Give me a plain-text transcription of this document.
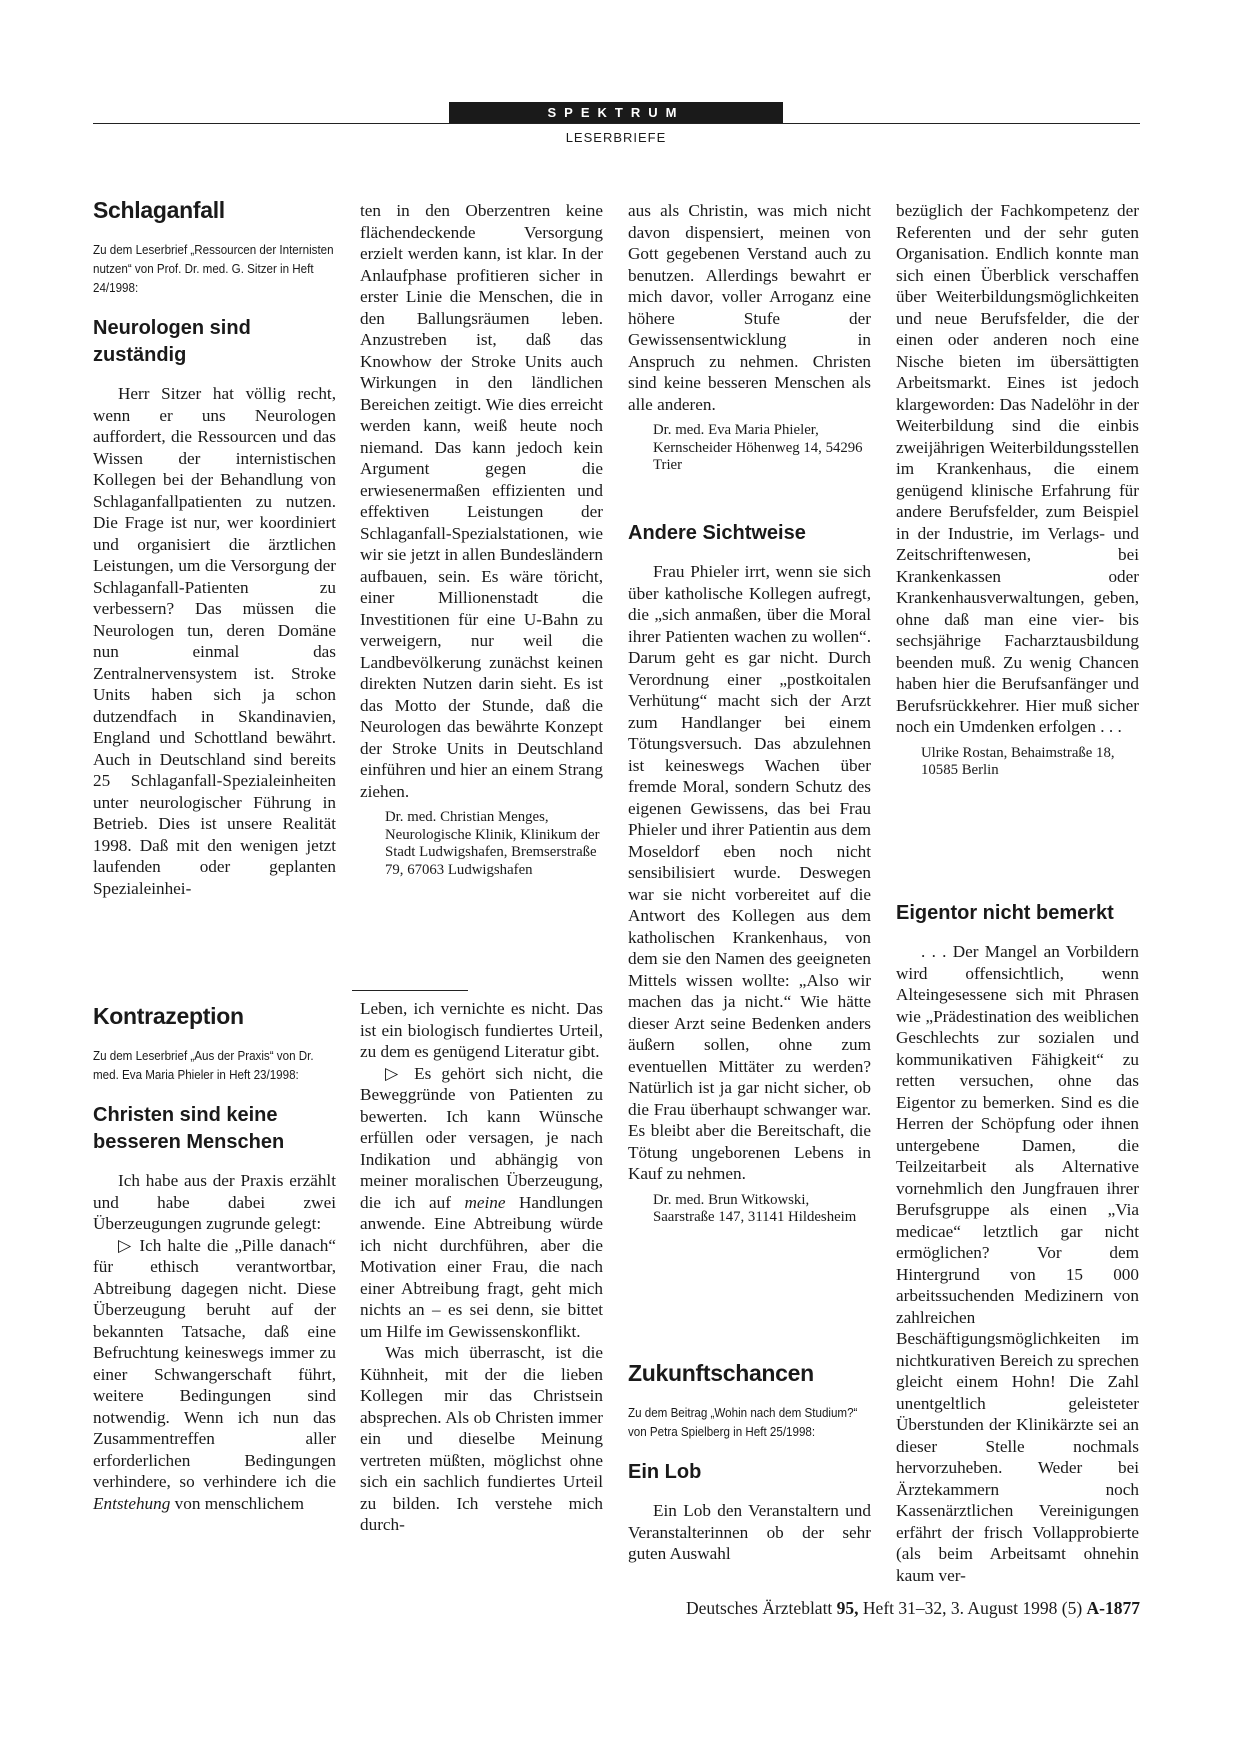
SPEKTRUM
LESERBRIEFE
Schlaganfall

Zu dem Leserbrief „Ressourcen der Internisten nutzen“ von Prof. Dr. med. G. Sitzer in Heft 24/1998:

Neurologen sind zuständig

Herr Sitzer hat völlig recht, wenn er uns Neurologen auffordert, die Ressourcen und das Wissen der internistischen Kollegen bei der Behandlung von Schlaganfallpatienten zu nutzen. Die Frage ist nur, wer koordiniert und organisiert die ärztlichen Leistungen, um die Versorgung der Schlaganfall-Patienten zu verbessern? Das müssen die Neurologen tun, deren Domäne nun einmal das Zentralnervensystem ist. Stroke Units haben sich ja schon dutzendfach in Skandinavien, England und Schottland bewährt. Auch in Deutschland sind bereits 25 Schlaganfall-Spezialeinheiten unter neurologischer Führung in Betrieb. Dies ist unsere Realität 1998. Daß mit den wenigen jetzt laufenden oder geplanten Spezialeinhei-

Kontrazeption

Zu dem Leserbrief „Aus der Praxis“ von Dr. med. Eva Maria Phieler in Heft 23/1998:

Christen sind keine besseren Menschen

Ich habe aus der Praxis erzählt und habe dabei zwei Überzeugungen zugrunde gelegt:

▷ Ich halte die „Pille danach“ für ethisch verantwortbar, Abtreibung dagegen nicht. Diese Überzeugung beruht auf der bekannten Tatsache, daß eine Befruchtung keineswegs immer zu einer Schwangerschaft führt, weitere Bedingungen sind notwendig. Wenn ich nun das Zusammentreffen aller erforderlichen Bedingungen verhindere, so verhindere ich die Entstehung von menschlichem

ten in den Oberzentren keine flächendeckende Versorgung erzielt werden kann, ist klar. In der Anlaufphase profitieren sicher in erster Linie die Menschen, die in den Ballungsräumen leben. Anzustreben ist, daß das Knowhow der Stroke Units auch Wirkungen in den ländlichen Bereichen zeitigt. Wie dies erreicht werden kann, weiß heute noch niemand. Das kann jedoch kein Argument gegen die erwiesenermaßen effizienten und effektiven Leistungen der Schlaganfall-Spezialstationen, wie wir sie jetzt in allen Bundesländern aufbauen, sein. Es wäre töricht, einer Millionenstadt die Investitionen für eine U-Bahn zu verweigern, nur weil die Landbevölkerung zunächst keinen direkten Nutzen darin sieht. Es ist das Motto der Stunde, daß die Neurologen das bewährte Konzept der Stroke Units in Deutschland einführen und hier an einem Strang ziehen.

Dr. med. Christian Menges, Neurologische Klinik, Klinikum der Stadt Ludwigshafen, Bremserstraße 79, 67063 Ludwigshafen

Leben, ich vernichte es nicht. Das ist ein biologisch fundiertes Urteil, zu dem es genügend Literatur gibt.

▷ Es gehört sich nicht, die Beweggründe von Patienten zu bewerten. Ich kann Wünsche erfüllen oder versagen, je nach Indikation und abhängig von meiner moralischen Überzeugung, die ich auf meine Handlungen anwende. Eine Abtreibung würde ich nicht durchführen, aber die Motivation einer Frau, die nach einer Abtreibung fragt, geht mich nichts an – es sei denn, sie bittet um Hilfe im Gewissenskonflikt.

Was mich überrascht, ist die Kühnheit, mit der die lieben Kollegen mir das Christsein absprechen. Als ob Christen immer ein und dieselbe Meinung vertreten müßten, möglichst ohne sich ein sachlich fundiertes Urteil zu bilden. Ich verstehe mich durch-

aus als Christin, was mich nicht davon dispensiert, meinen von Gott gegebenen Verstand auch zu benutzen. Allerdings bewahrt er mich davor, voller Arroganz eine höhere Stufe der Gewissensentwicklung in Anspruch zu nehmen. Christen sind keine besseren Menschen als alle anderen.

Dr. med. Eva Maria Phieler, Kernscheider Höhenweg 14, 54296 Trier

Andere Sichtweise

Frau Phieler irrt, wenn sie sich über katholische Kollegen aufregt, die „sich anmaßen, über die Moral ihrer Patienten wachen zu wollen“. Darum geht es gar nicht. Durch Verordnung einer „postkoitalen Verhütung“ macht sich der Arzt zum Handlanger bei einem Tötungsversuch. Das abzulehnen ist keineswegs Wachen über fremde Moral, sondern Schutz des eigenen Gewissens, das bei Frau Phieler und ihrer Patientin aus dem Moseldorf eben noch nicht sensibilisiert wurde. Deswegen war sie nicht vorbereitet auf die Antwort des Kollegen aus dem katholischen Krankenhaus, von dem sie den Namen des geeigneten Mittels wissen wollte: „Also wir machen das ja nicht.“ Wie hätte dieser Arzt seine Bedenken anders äußern sollen, ohne zum eventuellen Mittäter zu werden? Natürlich ist ja gar nicht sicher, ob die Frau überhaupt schwanger war. Es bleibt aber die Bereitschaft, die Tötung ungeborenen Lebens in Kauf zu nehmen.

Dr. med. Brun Witkowski, Saarstraße 147, 31141 Hildesheim

Zukunftschancen

Zu dem Beitrag „Wohin nach dem Studium?“ von Petra Spielberg in Heft 25/1998:

Ein Lob

Ein Lob den Veranstaltern und Veranstalterinnen ob der sehr guten Auswahl

bezüglich der Fachkompetenz der Referenten und der sehr guten Organisation. Endlich konnte man sich einen Überblick verschaffen über Weiterbildungsmöglichkeiten und neue Berufsfelder, die der einen oder anderen noch eine Nische bieten im übersättigten Arbeitsmarkt. Eines ist jedoch klargeworden: Das Nadelöhr in der Weiterbildung sind die einbis zweijährigen Weiterbildungsstellen im Krankenhaus, die einem genügend klinische Erfahrung für andere Berufsfelder, zum Beispiel in der Industrie, im Verlags- und Zeitschriftenwesen, bei Krankenkassen oder Krankenhausverwaltungen, geben, ohne daß man eine vier- bis sechsjährige Facharztausbildung beenden muß. Zu wenig Chancen haben hier die Berufsanfänger und Berufsrückkehrer. Hier muß sicher noch ein Umdenken erfolgen . . .

Ulrike Rostan, Behaimstraße 18, 10585 Berlin

Eigentor nicht bemerkt

. . . Der Mangel an Vorbildern wird offensichtlich, wenn Alteingesessene sich mit Phrasen wie „Prädestination des weiblichen Geschlechts zur sozialen und kommunikativen Fähigkeit“ zu retten versuchen, ohne das Eigentor zu bemerken. Sind es die Herren der Schöpfung oder ihnen untergebene Damen, die Teilzeitarbeit als Alternative vornehmlich den Jungfrauen ihrer Berufsgruppe als einen „Via medicae“ letztlich gar nicht ermöglichen? Vor dem Hintergrund von 15 000 arbeitssuchenden Medizinern von zahlreichen Beschäftigungsmöglichkeiten im nichtkurativen Bereich zu sprechen gleicht einem Hohn! Die Zahl unentgeltlich geleisteter Überstunden der Klinikärzte sei an dieser Stelle nochmals hervorzuheben. Weder bei Ärztekammern noch Kassenärztlichen Vereinigungen erfährt der frisch Vollapprobierte (als beim Arbeitsamt ohnehin kaum ver-

Deutsches Ärzteblatt 95, Heft 31–32, 3. August 1998 (5) A-1877
